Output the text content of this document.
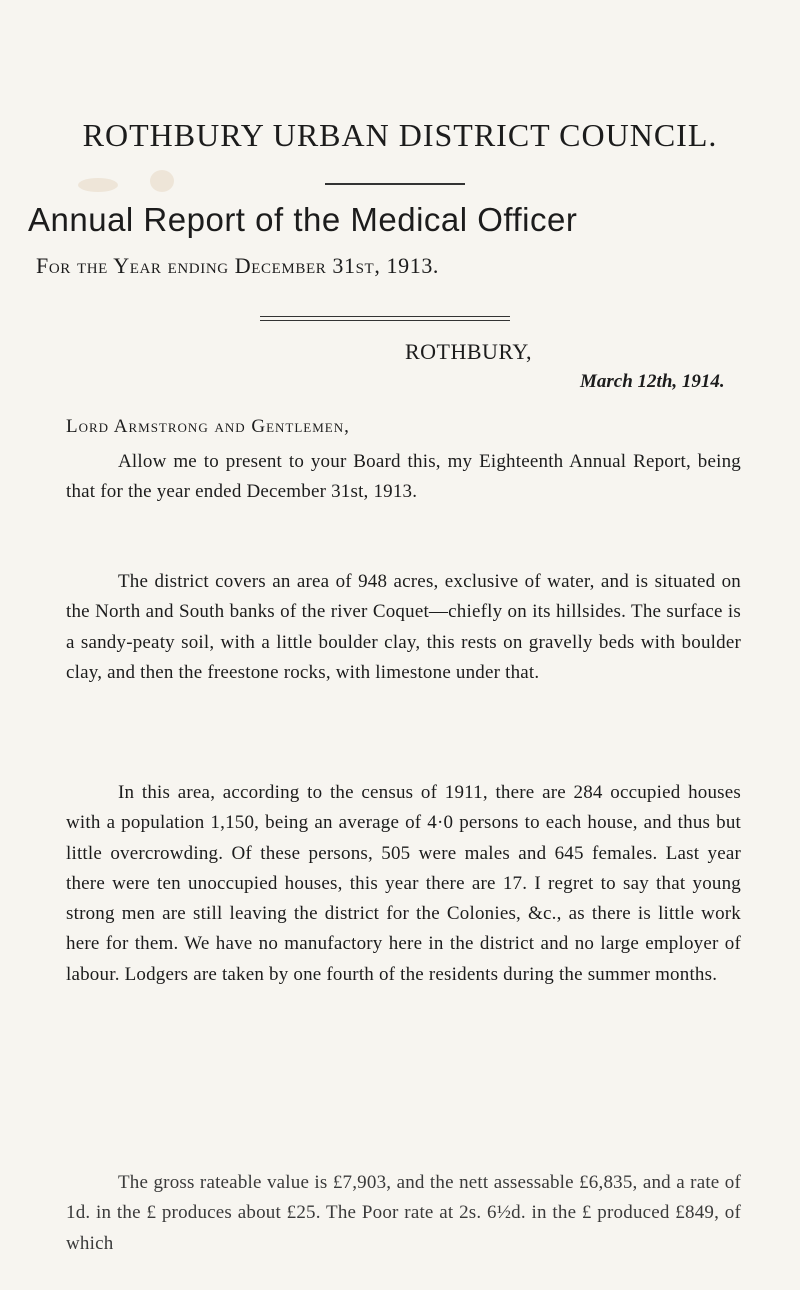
ROTHBURY URBAN DISTRICT COUNCIL.
Annual Report of the Medical Officer
For the Year ending December 31st, 1913.
ROTHBURY,
March 12th, 1914.
Lord Armstrong and Gentlemen,

Allow me to present to your Board this, my Eighteenth Annual Report, being that for the year ended December 31st, 1913.

The district covers an area of 948 acres, exclusive of water, and is situated on the North and South banks of the river Coquet—chiefly on its hillsides. The surface is a sandy-peaty soil, with a little boulder clay, this rests on gravelly beds with boulder clay, and then the freestone rocks, with limestone under that.

In this area, according to the census of 1911, there are 284 occupied houses with a population 1,150, being an average of 4·0 persons to each house, and thus but little overcrowding. Of these persons, 505 were males and 645 females. Last year there were ten unoccupied houses, this year there are 17. I regret to say that young strong men are still leaving the district for the Colonies, &c., as there is little work here for them. We have no manufactory here in the district and no large employer of labour. Lodgers are taken by one fourth of the residents during the summer months.

The gross rateable value is £7,903, and the nett assessable £6,835, and a rate of 1d. in the £ produces about £25. The Poor rate at 2s. 6½d. in the £ produced £849, of which
